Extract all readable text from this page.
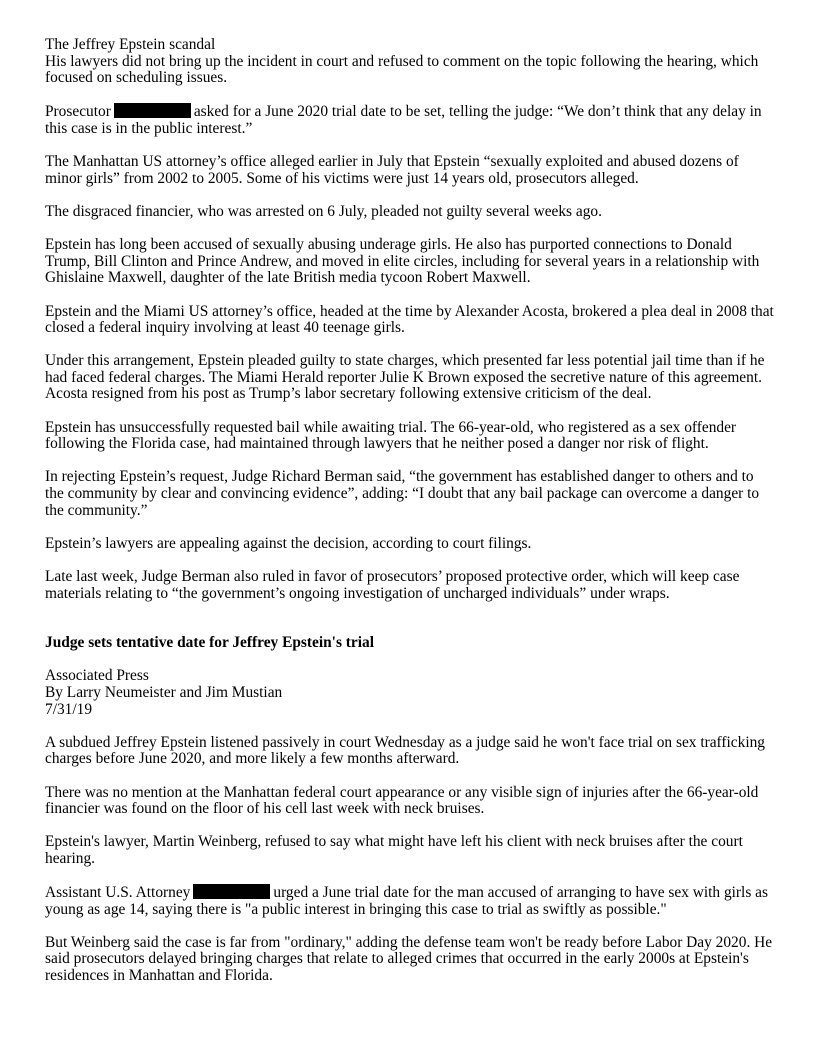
The Jeffrey Epstein scandal
His lawyers did not bring up the incident in court and refused to comment on the topic following the hearing, which focused on scheduling issues.

Prosecutor	asked for a June 2020 trial date to be set, telling the judge: “We don’t think that any delay in this case is in the public interest.”

The Manhattan US attorney’s office alleged earlier in July that Epstein “sexually exploited and abused dozens of minor girls” from 2002 to 2005. Some of his victims were just 14 years old, prosecutors alleged.

The disgraced financier, who was arrested on 6 July, pleaded not guilty several weeks ago.

Epstein has long been accused of sexually abusing underage girls. He also has purported connections to Donald Trump, Bill Clinton and Prince Andrew, and moved in elite circles, including for several years in a relationship with Ghislaine Maxwell, daughter of the late British media tycoon Robert Maxwell.

Epstein and the Miami US attorney’s office, headed at the time by Alexander Acosta, brokered a plea deal in 2008 that closed a federal inquiry involving at least 40 teenage girls.

Under this arrangement, Epstein pleaded guilty to state charges, which presented far less potential jail time than if he had faced federal charges. The Miami Herald reporter Julie K Brown exposed the secretive nature of this agreement. Acosta resigned from his post as Trump’s labor secretary following extensive criticism of the deal.

Epstein has unsuccessfully requested bail while awaiting trial. The 66-year-old, who registered as a sex offender following the Florida case, had maintained through lawyers that he neither posed a danger nor risk of flight.

In rejecting Epstein’s request, Judge Richard Berman said, “the government has established danger to others and to the community by clear and convincing evidence”, adding: “I doubt that any bail package can overcome a danger to the community.”

Epstein’s lawyers are appealing against the decision, according to court filings.

Late last week, Judge Berman also ruled in favor of prosecutors’ proposed protective order, which will keep case materials relating to “the government’s ongoing investigation of uncharged individuals” under wraps.

Judge sets tentative date for Jeffrey Epstein's trial
Associated Press
By Larry Neumeister and Jim Mustian
7/31/19

A subdued Jeffrey Epstein listened passively in court Wednesday as a judge said he won't face trial on sex trafficking charges before June 2020, and more likely a few months afterward.

There was no mention at the Manhattan federal court appearance or any visible sign of injuries after the 66-year-old financier was found on the floor of his cell last week with neck bruises.

Epstein's lawyer, Martin Weinberg, refused to say what might have left his client with neck bruises after the court hearing.

Assistant U.S. Attorney	urged a June trial date for the man accused of arranging to have sex with girls as young as age 14, saying there is "a public interest in bringing this case to trial as swiftly as possible."

But Weinberg said the case is far from "ordinary," adding the defense team won't be ready before Labor Day 2020. He said prosecutors delayed bringing charges that relate to alleged crimes that occurred in the early 2000s at Epstein's residences in Manhattan and Florida.
